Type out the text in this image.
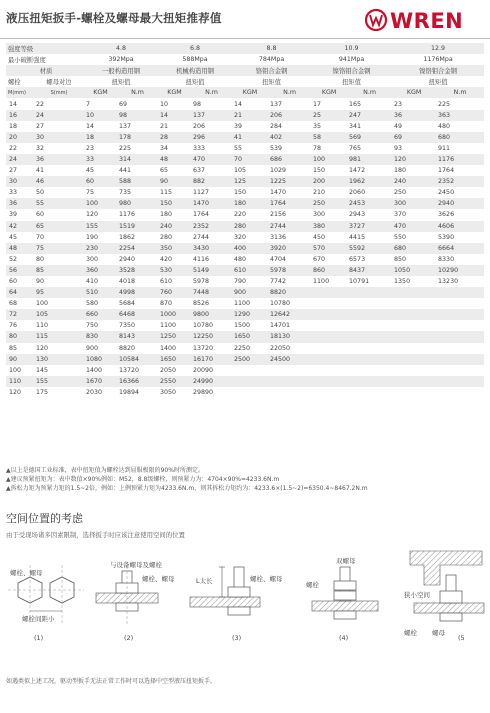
液压扭矩扳手-螺栓及螺母最大扭矩推荐值	WREN
强度等级		4.8		6.8		8.8		10.9		12.9	
最小破断强度		392Mpa		588Mpa		784Mpa		941Mpa		1176Mpa	
材质		一般构造用钢		机械构造用钢		铬钼合金钢		镍铬钼合金钢		镍铬钼合金钢	
螺栓	螺母对边	扭矩值		扭矩值		扭矩值		扭矩值		扭矩值	
M(mm)	S(mm)	KGM	N.m	KGM	N.m	KGM	N.m	KGM	N.m	KGM	N.m
14	22	7	69	10	98	14	137	17	165	23	225
16	24	10	98	14	137	21	206	25	247	36	363
18	27	14	137	21	206	39	284	35	341	49	480
20	30	18	178	28	296	41	402	58	569	69	680
22	32	23	225	34	333	55	539	78	765	93	911
24	36	33	314	48	470	70	686	100	981	120	1176
27	41	45	441	65	637	105	1029	150	1472	180	1764
30	46	60	588	90	882	125	1225	200	1962	240	2352
33	50	75	735	115	1127	150	1470	210	2060	250	2450
36	55	100	980	150	1470	180	1764	250	2453	300	2940
39	60	120	1176	180	1764	220	2156	300	2943	370	3626
42	65	155	1519	240	2352	280	2744	380	3727	470	4606
45	70	190	1862	280	2744	320	3136	450	4415	550	5390
48	75	230	2254	350	3430	400	3920	570	5592	680	6664
52	80	300	2940	420	4116	480	4704	670	6573	850	8330
56	85	360	3528	530	5149	610	5978	860	8437	1050	10290
60	90	410	4018	610	5978	790	7742	1100	10791	1350	13230
64	95	510	4998	760	7448	900	8820				
68	100	580	5684	870	8526	1100	10780				
72	105	660	6468	1000	9800	1290	12642				
76	110	750	7350	1100	10780	1500	14701				
80	115	830	8143	1250	12250	1650	18130				
85	120	900	8820	1400	13720	2250	22050				
90	130	1080	10584	1650	16170	2500	24500				
100	145	1400	13720	2050	20090						
110	155	1670	16366	2550	24990						
120	175	2030	19894	3050	29890						
▲以上是德国工业标准，表中扭矩值为螺栓达到屈服极限的90%时所测定。
▲建议预紧扭矩为：表中数值×90%例如：M52，8.8级螺栓，则预紧力为：4704×90%=4233.6N.m
▲拆松力矩为预紧力矩的1.5~2倍，例如：上例预紧力矩为4233.6N.m，则其拆松力矩约为：4233.6×(1.5~2)=6350.4~8467.2N.m
空间位置的考虑
由于受现场诸多因素限制，选择扳手时应该注意使用空间的位置
螺栓、螺母
螺栓间距小
(1)
与设备螺母及螺栓
螺栓、螺母
(2)
L太长	螺栓、螺母
(3)
双螺母
螺栓
(4)
狭小空间
螺栓 螺母
(5
如遇类似上述工况，驱动型扳手无法正常工作时可以选择中空型液压扭矩扳手。
